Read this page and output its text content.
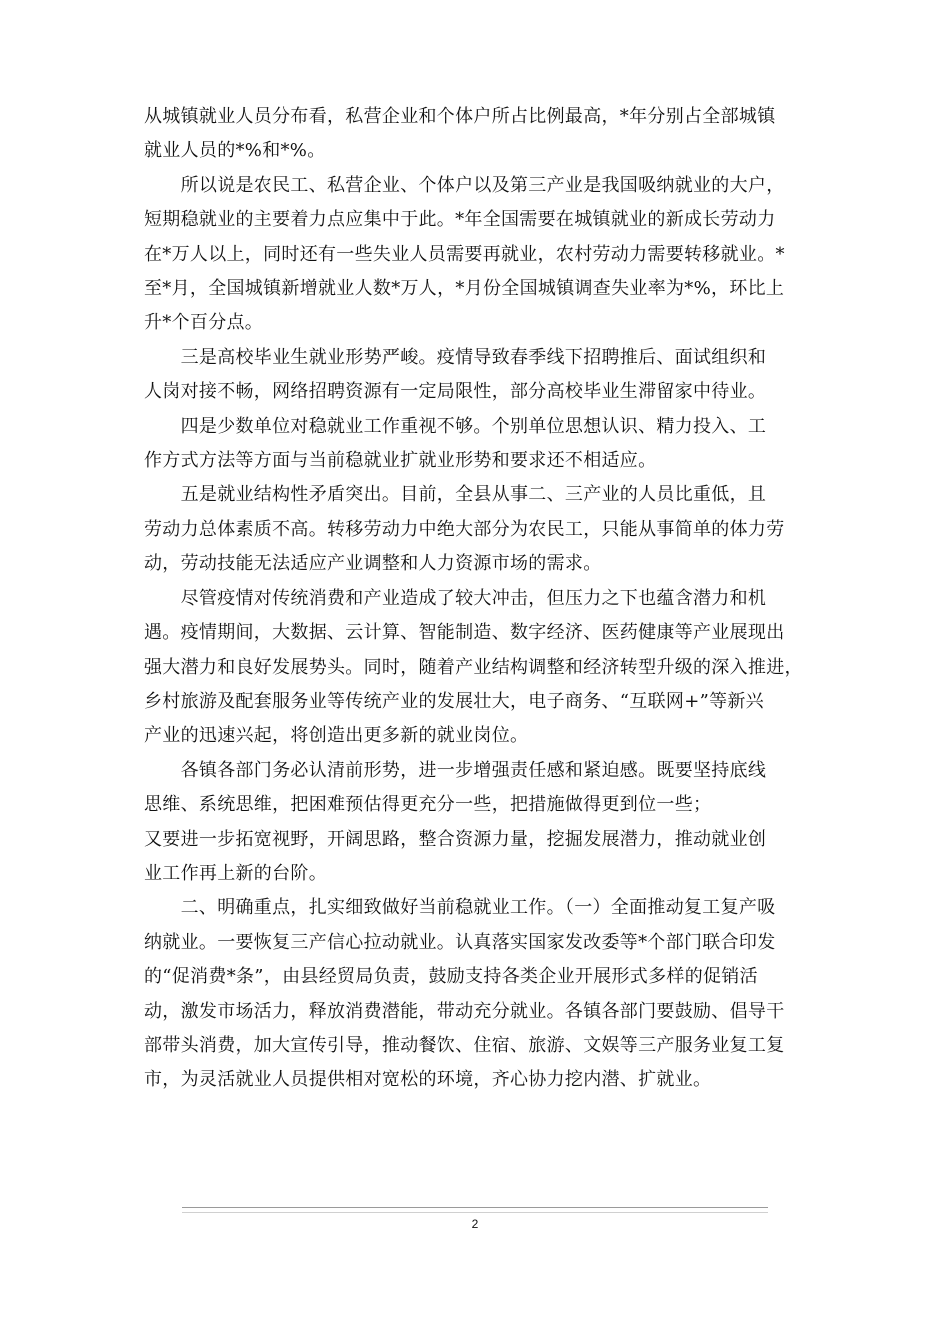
从城镇就业人员分布看，私营企业和个体户所占比例最高，*年分别占全部城镇
就业人员的*%和*%。
　　所以说是农民工、私营企业、个体户以及第三产业是我国吸纳就业的大户，
短期稳就业的主要着力点应集中于此。*年全国需要在城镇就业的新成长劳动力
在*万人以上，同时还有一些失业人员需要再就业，农村劳动力需要转移就业。*
至*月，全国城镇新增就业人数*万人，*月份全国城镇调查失业率为*%，环比上
升*个百分点。
　　三是高校毕业生就业形势严峻。疫情导致春季线下招聘推后、面试组织和
人岗对接不畅，网络招聘资源有一定局限性，部分高校毕业生滞留家中待业。
　　四是少数单位对稳就业工作重视不够。个别单位思想认识、精力投入、工
作方式方法等方面与当前稳就业扩就业形势和要求还不相适应。
　　五是就业结构性矛盾突出。目前，全县从事二、三产业的人员比重低，且
劳动力总体素质不高。转移劳动力中绝大部分为农民工，只能从事简单的体力劳
动，劳动技能无法适应产业调整和人力资源市场的需求。
　　尽管疫情对传统消费和产业造成了较大冲击，但压力之下也蕴含潜力和机
遇。疫情期间，大数据、云计算、智能制造、数字经济、医药健康等产业展现出
强大潜力和良好发展势头。同时，随着产业结构调整和经济转型升级的深入推进，
乡村旅游及配套服务业等传统产业的发展壮大，电子商务、“互联网+”等新兴
产业的迅速兴起，将创造出更多新的就业岗位。
　　各镇各部门务必认清前形势，进一步增强责任感和紧迫感。既要坚持底线
思维、系统思维，把困难预估得更充分一些，把措施做得更到位一些；
又要进一步拓宽视野，开阔思路，整合资源力量，挖掘发展潜力，推动就业创
业工作再上新的台阶。
　　二、明确重点，扎实细致做好当前稳就业工作。（一）全面推动复工复产吸
纳就业。一要恢复三产信心拉动就业。认真落实国家发改委等*个部门联合印发
的“促消费*条”，由县经贸局负责，鼓励支持各类企业开展形式多样的促销活
动，激发市场活力，释放消费潜能，带动充分就业。各镇各部门要鼓励、倡导干
部带头消费，加大宣传引导，推动餐饮、住宿、旅游、文娱等三产服务业复工复
市，为灵活就业人员提供相对宽松的环境，齐心协力挖内潜、扩就业。
2
